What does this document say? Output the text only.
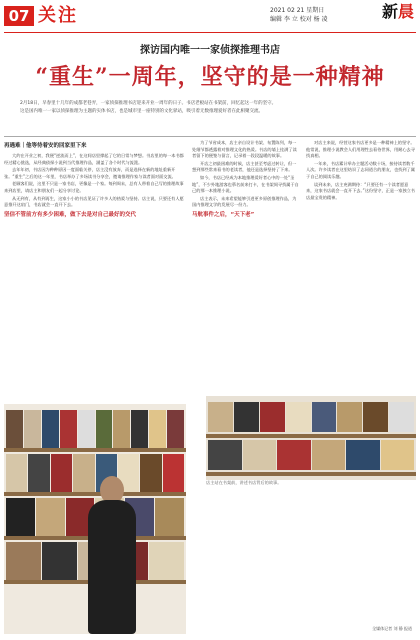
07 关注	2021 02 21 星期日
编辑 李 立 校对 杨 凌	新晨
探访国内唯一一家侦探推理书店
“重生”一周年，坚守的是一种精神

2月18日，早春里十几年的成都老巷弄，一家侦探推理书店迎来开业一周年的日子。书店老板站在书架前，回忆起这一年的坚守。

这是国内唯一一家以侦探推理为主题的实体书店，也是城市里一座特别的文化驿站，吸引着无数推理爱好者在此相聚交流。

再遇难｜他等待着安的回家里下来

大约在开业之初，我便“逆流而上”，在这间店里撑起了它的日常与梦想。书店里的每一本书都经过精心挑选，从经典侦探小说到当代推理作品，涵盖了各个时代与流派。

去年年初，书店因为种种原因一度面临关停，店主没有放弃，而是选择在新的地址重新开张。“重生”之后的这一年里，书店举办了多场读书分享会，邀请推理作家与读者面对面交流。

老顾客们说，这里不只是一家书店，更像是一个家。每到周末，总有人带着自己写的推理故事来到店里，请店主和朋友们一起分享讨论。

从无到有，从有到再生，这家小小的书店见证了许多人的热爱与坚持。店主说，只要还有人愿意推开这扇门，书店就会一直开下去。

坚信不管前方有多少困难，做下去是对自己最好的交代

为了节省成本，店主亲自设计书架、布置陈列，每一处细节都透露着对推理文化的热爱。书店的墙上挂满了读者留下的便签与留言，记录着一段段温暖的故事。

开店之初最困难的时候，店主甚至考虑过转让，但一想到那些常来看书的老读者，他还是选择坚持了下来。

如今，书店已经成为本地推理爱好者心中的一处“圣地”，不少外地游客也慕名前来打卡，在书架间寻找属于自己的那一本推理小说。

店主表示，未来希望能够引进更多原创推理作品，为国内推理文学的发展尽一份力。

马航事件之后，“天下老”

对店主来说，经营这家书店更多是一种精神上的坚守。他常说，推理小说教会人们用理性去看待世界，用耐心去寻找真相。

一年来，书店累计举办主题活动数十场，接待读者数千人次。许多读者在这里结识了志同道合的朋友，也找到了属于自己的阅读乐趣。

谈到未来，店主充满期待：“只要还有一个读者愿意来，这家书店就会一直开下去。”这份坚守，正是一家独立书店最宝贵的精神。

店主站在书架前，讲述书店背后的故事。
全媒体记者 刘 静 报道
